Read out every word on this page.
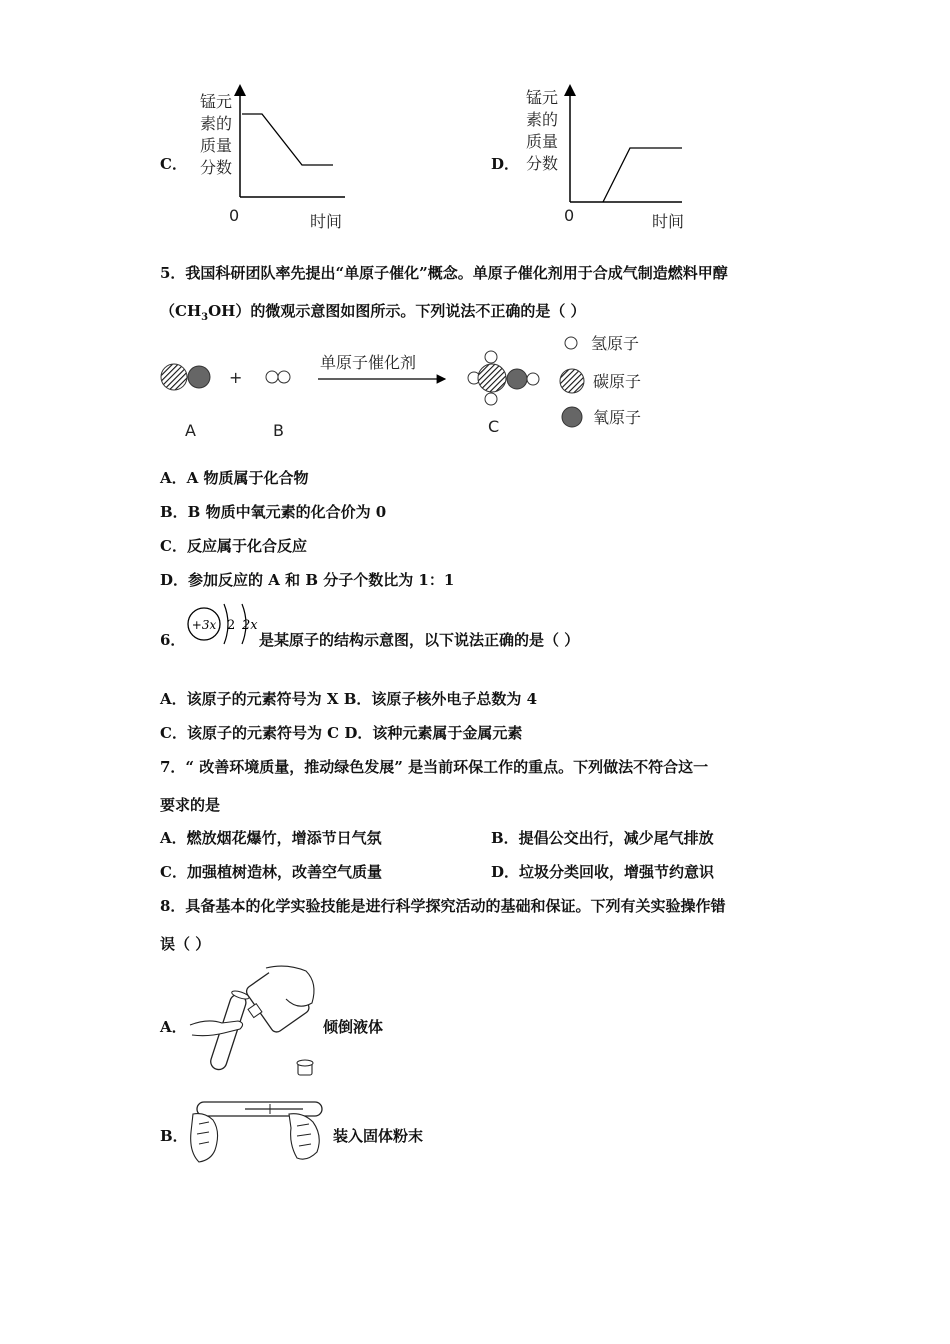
C．
锰元
素的
质量
分数
0	时间
D．
锰元
素的
质量
分数
0	时间
5．我国科研团队率先提出“单原子催化”概念。单原子催化剂用于合成气制造燃料甲醇
$(CH_3OH)$的微观示意图如图所示。下列说法不正确的是（ ）
+
单原子催化剂
A	B	C
氢原子
碳原子
氧原子
A．A 物质属于化合物
B．B 物质中氧元素的化合价为 0
C．反应属于化合反应
D．参加反应的 A 和 B 分子个数比为 1：1
6．
+3x 2 2x
是某原子的结构示意图，以下说法正确的是（ ）
A．该原子的元素符号为 X B．该原子核外电子总数为 4
C．该原子的元素符号为 C D．该种元素属于金属元素
7．“ 改善环境质量，推动绿色发展” 是当前环保工作的重点。下列做法不符合这一
要求的是
A．燃放烟花爆竹，增添节日气氛	B．提倡公交出行，减少尾气排放
C．加强植树造林，改善空气质量	D．垃圾分类回收，增强节约意识
8．具备基本的化学实验技能是进行科学探究活动的基础和保证。下列有关实验操作错
误（ ）
A．	倾倒液体
B．	装入固体粉末
